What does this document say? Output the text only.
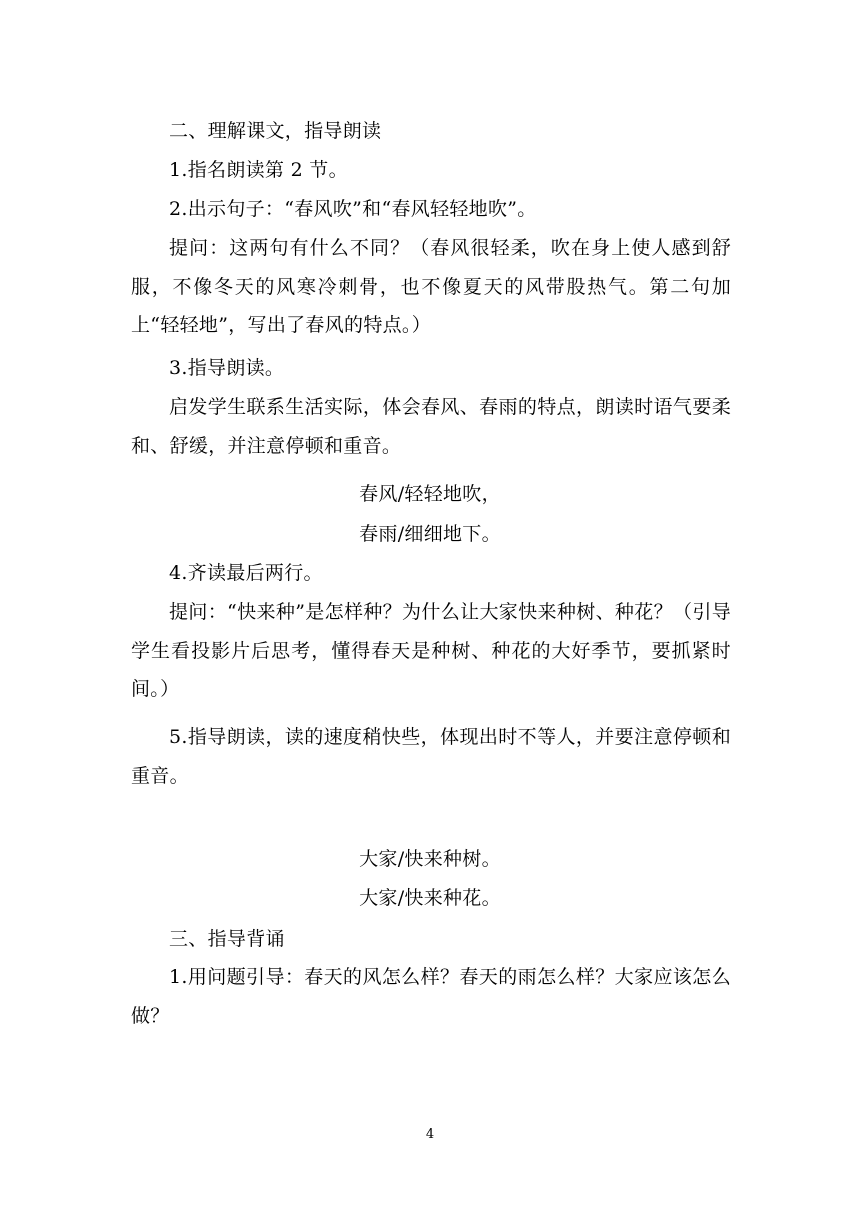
二、理解课文，指导朗读
1.指名朗读第 2 节。
2.出示句子：“春风吹”和“春风轻轻地吹”。
提问：这两句有什么不同？（春风很轻柔，吹在身上使人感到舒服，不像冬天的风寒冷刺骨，也不像夏天的风带股热气。第二句加上“轻轻地”，写出了春风的特点。）
3.指导朗读。
启发学生联系生活实际，体会春风、春雨的特点，朗读时语气要柔和、舒缓，并注意停顿和重音。
春风/轻轻地吹，
春雨/细细地下。
4.齐读最后两行。
提问：“快来种”是怎样种？为什么让大家快来种树、种花？（引导学生看投影片后思考，懂得春天是种树、种花的大好季节，要抓紧时间。）
5.指导朗读，读的速度稍快些，体现出时不等人，并要注意停顿和重音。
大家/快来种树。
大家/快来种花。
三、指导背诵
1.用问题引导：春天的风怎么样？春天的雨怎么样？大家应该怎么做？
4
